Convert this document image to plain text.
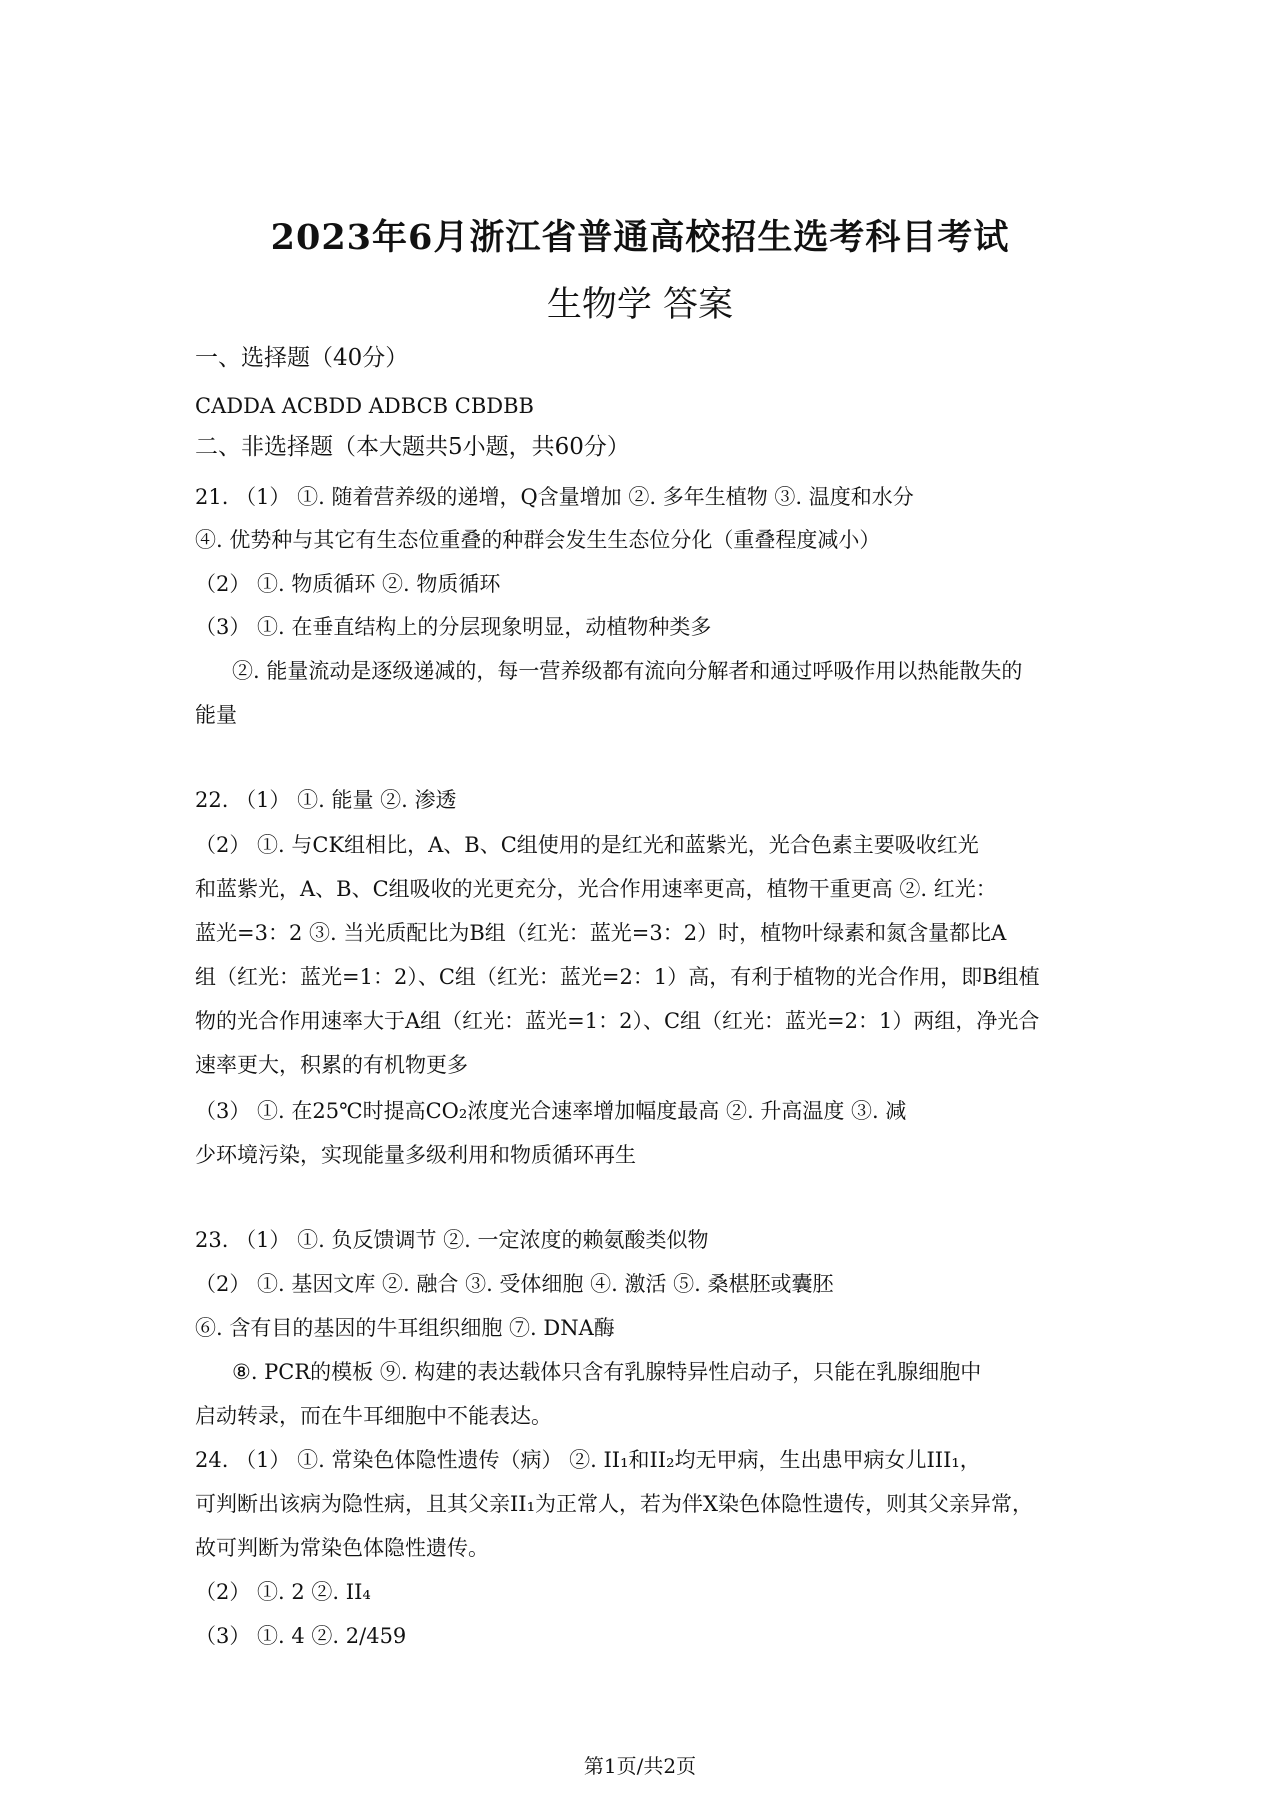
2023年6月浙江省普通高校招生选考科目考试
生物学 答案
一、选择题（40分）
CADDA ACBDD ADBCB CBDBB
二、非选择题（本大题共5小题，共60分）
21. （1） ①. 随着营养级的递增，Q含量增加 ②. 多年生植物 ③. 温度和水分
④. 优势种与其它有生态位重叠的种群会发生生态位分化（重叠程度减小）
（2） ①. 物质循环 ②. 物质循环
（3） ①. 在垂直结构上的分层现象明显，动植物种类多
②. 能量流动是逐级递减的，每一营养级都有流向分解者和通过呼吸作用以热能散失的
能量
22. （1） ①. 能量 ②. 渗透
（2） ①. 与CK组相比，A、B、C组使用的是红光和蓝紫光，光合色素主要吸收红光
和蓝紫光，A、B、C组吸收的光更充分，光合作用速率更高，植物干重更高 ②. 红光：
蓝光=3：2 ③. 当光质配比为B组（红光：蓝光=3：2）时，植物叶绿素和氮含量都比A
组（红光：蓝光=1：2）、C组（红光：蓝光=2：1）高，有利于植物的光合作用，即B组植
物的光合作用速率大于A组（红光：蓝光=1：2）、C组（红光：蓝光=2：1）两组，净光合
速率更大，积累的有机物更多
（3） ①. 在25℃时提高CO₂浓度光合速率增加幅度最高 ②. 升高温度 ③. 减
少环境污染，实现能量多级利用和物质循环再生
23. （1） ①. 负反馈调节 ②. 一定浓度的赖氨酸类似物
（2） ①. 基因文库 ②. 融合 ③. 受体细胞 ④. 激活 ⑤. 桑椹胚或囊胚
⑥. 含有目的基因的牛耳组织细胞 ⑦. DNA酶
⑧. PCR的模板 ⑨. 构建的表达载体只含有乳腺特异性启动子，只能在乳腺细胞中
启动转录，而在牛耳细胞中不能表达。
24. （1） ①. 常染色体隐性遗传（病） ②. II₁和II₂均无甲病，生出患甲病女儿III₁，
可判断出该病为隐性病，且其父亲II₁为正常人，若为伴X染色体隐性遗传，则其父亲异常，
故可判断为常染色体隐性遗传。
（2） ①. 2 ②. II₄
（3） ①. 4 ②. 2/459
第1页/共2页
